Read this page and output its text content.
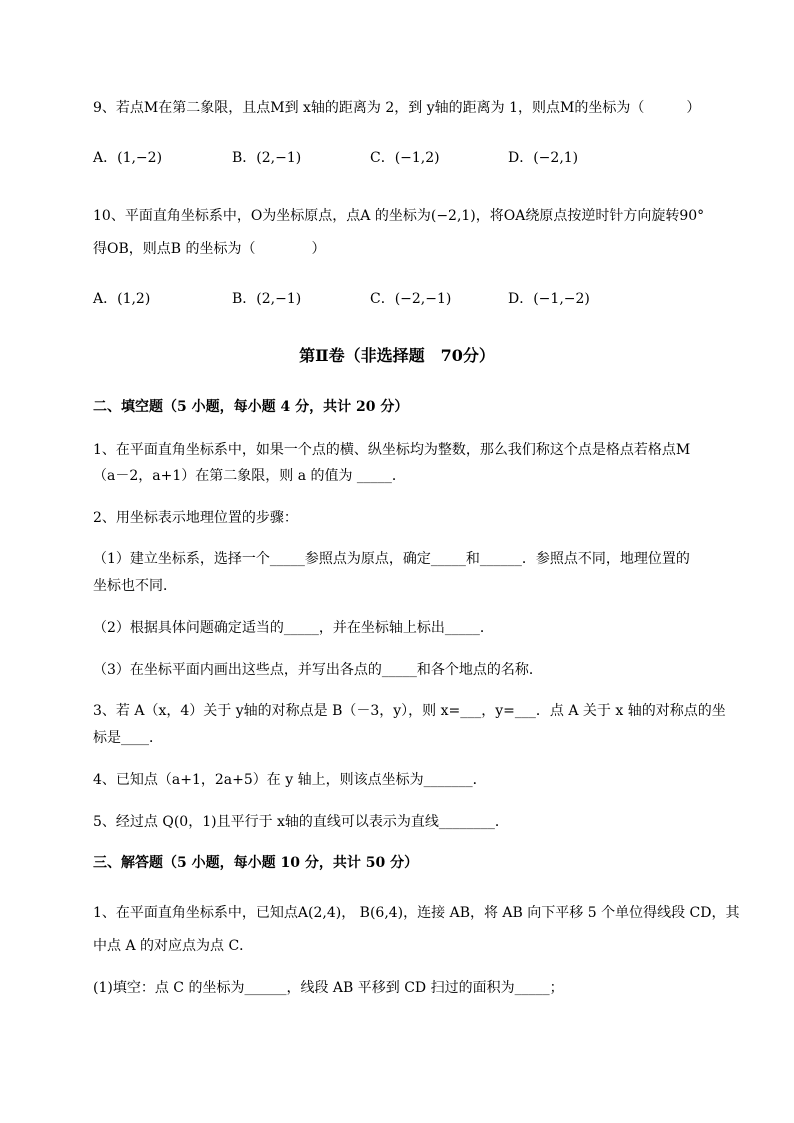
9、若点M在第二象限，且点M到 x轴的距离为 2，到 y轴的距离为 1，则点M的坐标为（　　　）
A．(1,−2)	B．(2,−1)	C．(−1,2)	D．(−2,1)
10、平面直角坐标系中，O为坐标原点，点A 的坐标为(−2,1)，将OA绕原点按逆时针方向旋转90°
得OB，则点B 的坐标为（　　　　）
A．(1,2)	B．(2,−1)	C．(−2,−1)	D．(−1,−2)
第Ⅱ卷（非选择题　70分）
二、填空题（5 小题，每小题 4 分，共计 20 分）
1、在平面直角坐标系中，如果一个点的横、纵坐标均为整数，那么我们称这个点是格点若格点M
（a－2，a+1）在第二象限，则 a 的值为 _____．
2、用坐标表示地理位置的步骤：
（1）建立坐标系，选择一个_____参照点为原点，确定_____和______．参照点不同，地理位置的
坐标也不同．
（2）根据具体问题确定适当的_____，并在坐标轴上标出_____．
（3）在坐标平面内画出这些点，并写出各点的_____和各个地点的名称．
3、若 A（x，4）关于 y轴的对称点是 B（－3，y），则 x=___，y=___．点 A 关于 x 轴的对称点的坐
标是____．
4、已知点（a+1，2a+5）在 y 轴上，则该点坐标为_______．
5、经过点 Q(0，1)且平行于 x轴的直线可以表示为直线________．
三、解答题（5 小题，每小题 10 分，共计 50 分）
1、在平面直角坐标系中，已知点A(2,4)， B(6,4)，连接 AB，将 AB 向下平移 5 个单位得线段 CD，其
中点 A 的对应点为点 C．
(1)填空：点 C 的坐标为______，线段 AB 平移到 CD 扫过的面积为_____；
